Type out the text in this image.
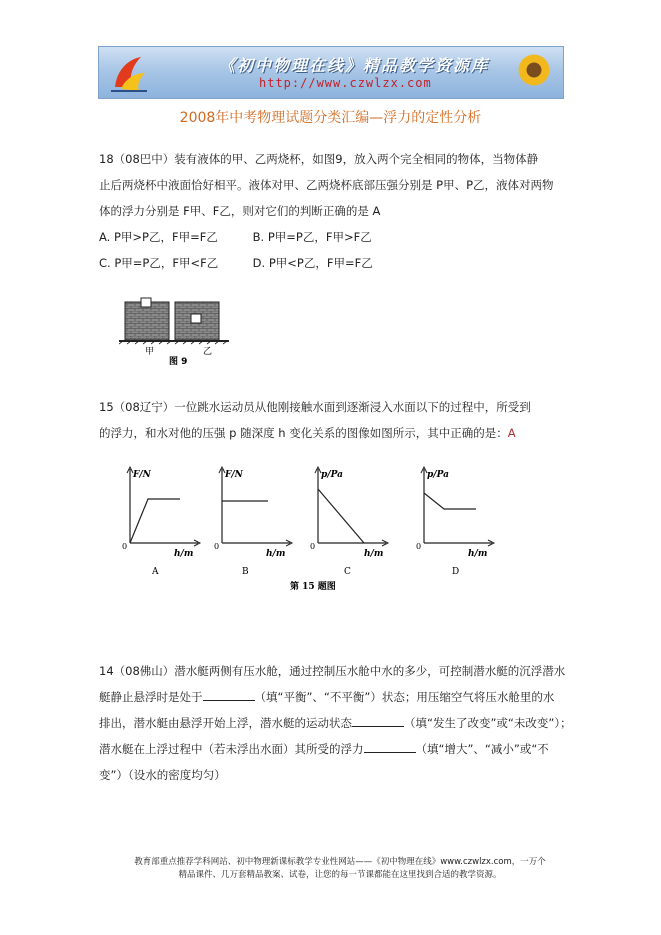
《初中物理在线》精品教学资源库
http://www.czwlzx.com
2008年中考物理试题分类汇编—浮力的定性分析
18（08巴中）装有液体的甲、乙两烧杯，如图9，放入两个完全相同的物体，当物体静
止后两烧杯中液面恰好相平。液体对甲、乙两烧杯底部压强分别是 P甲、P乙，液体对两物
体的浮力分别是 F甲、F乙，则对它们的判断正确的是 A
A. P甲>P乙，F甲=F乙	B. P甲=P乙，F甲>F乙
C. P甲=P乙，F甲<F乙	D. P甲<P乙，F甲=F乙
甲	乙
图 9
15（08辽宁）一位跳水运动员从他刚接触水面到逐渐浸入水面以下的过程中，所受到
的浮力，和水对他的压强 p 随深度 h 变化关系的图像如图所示，其中正确的是：A
F/N
h/m
0
A
F/N
h/m
0
B
p/Pa
h/m
0
C
p/Pa
h/m
0
D
第 15 题图
14（08佛山）潜水艇两侧有压水舱，通过控制压水舱中水的多少，可控制潜水艇的沉浮潜水
艇静止悬浮时是处于	（填“平衡”、“不平衡”）状态；用压缩空气将压水舱里的水
排出，潜水艇由悬浮开始上浮，潜水艇的运动状态	（填“发生了改变”或“未改变”）；
潜水艇在上浮过程中（若未浮出水面）其所受的浮力	（填“增大”、“减小”或“不
变”）（设水的密度均匀）
教育部重点推荐学科网站、初中物理新课标教学专业性网站——《初中物理在线》www.czwlzx.com，一万个
精品课件、几万套精品教案、试卷，让您的每一节课都能在这里找到合适的教学资源。
